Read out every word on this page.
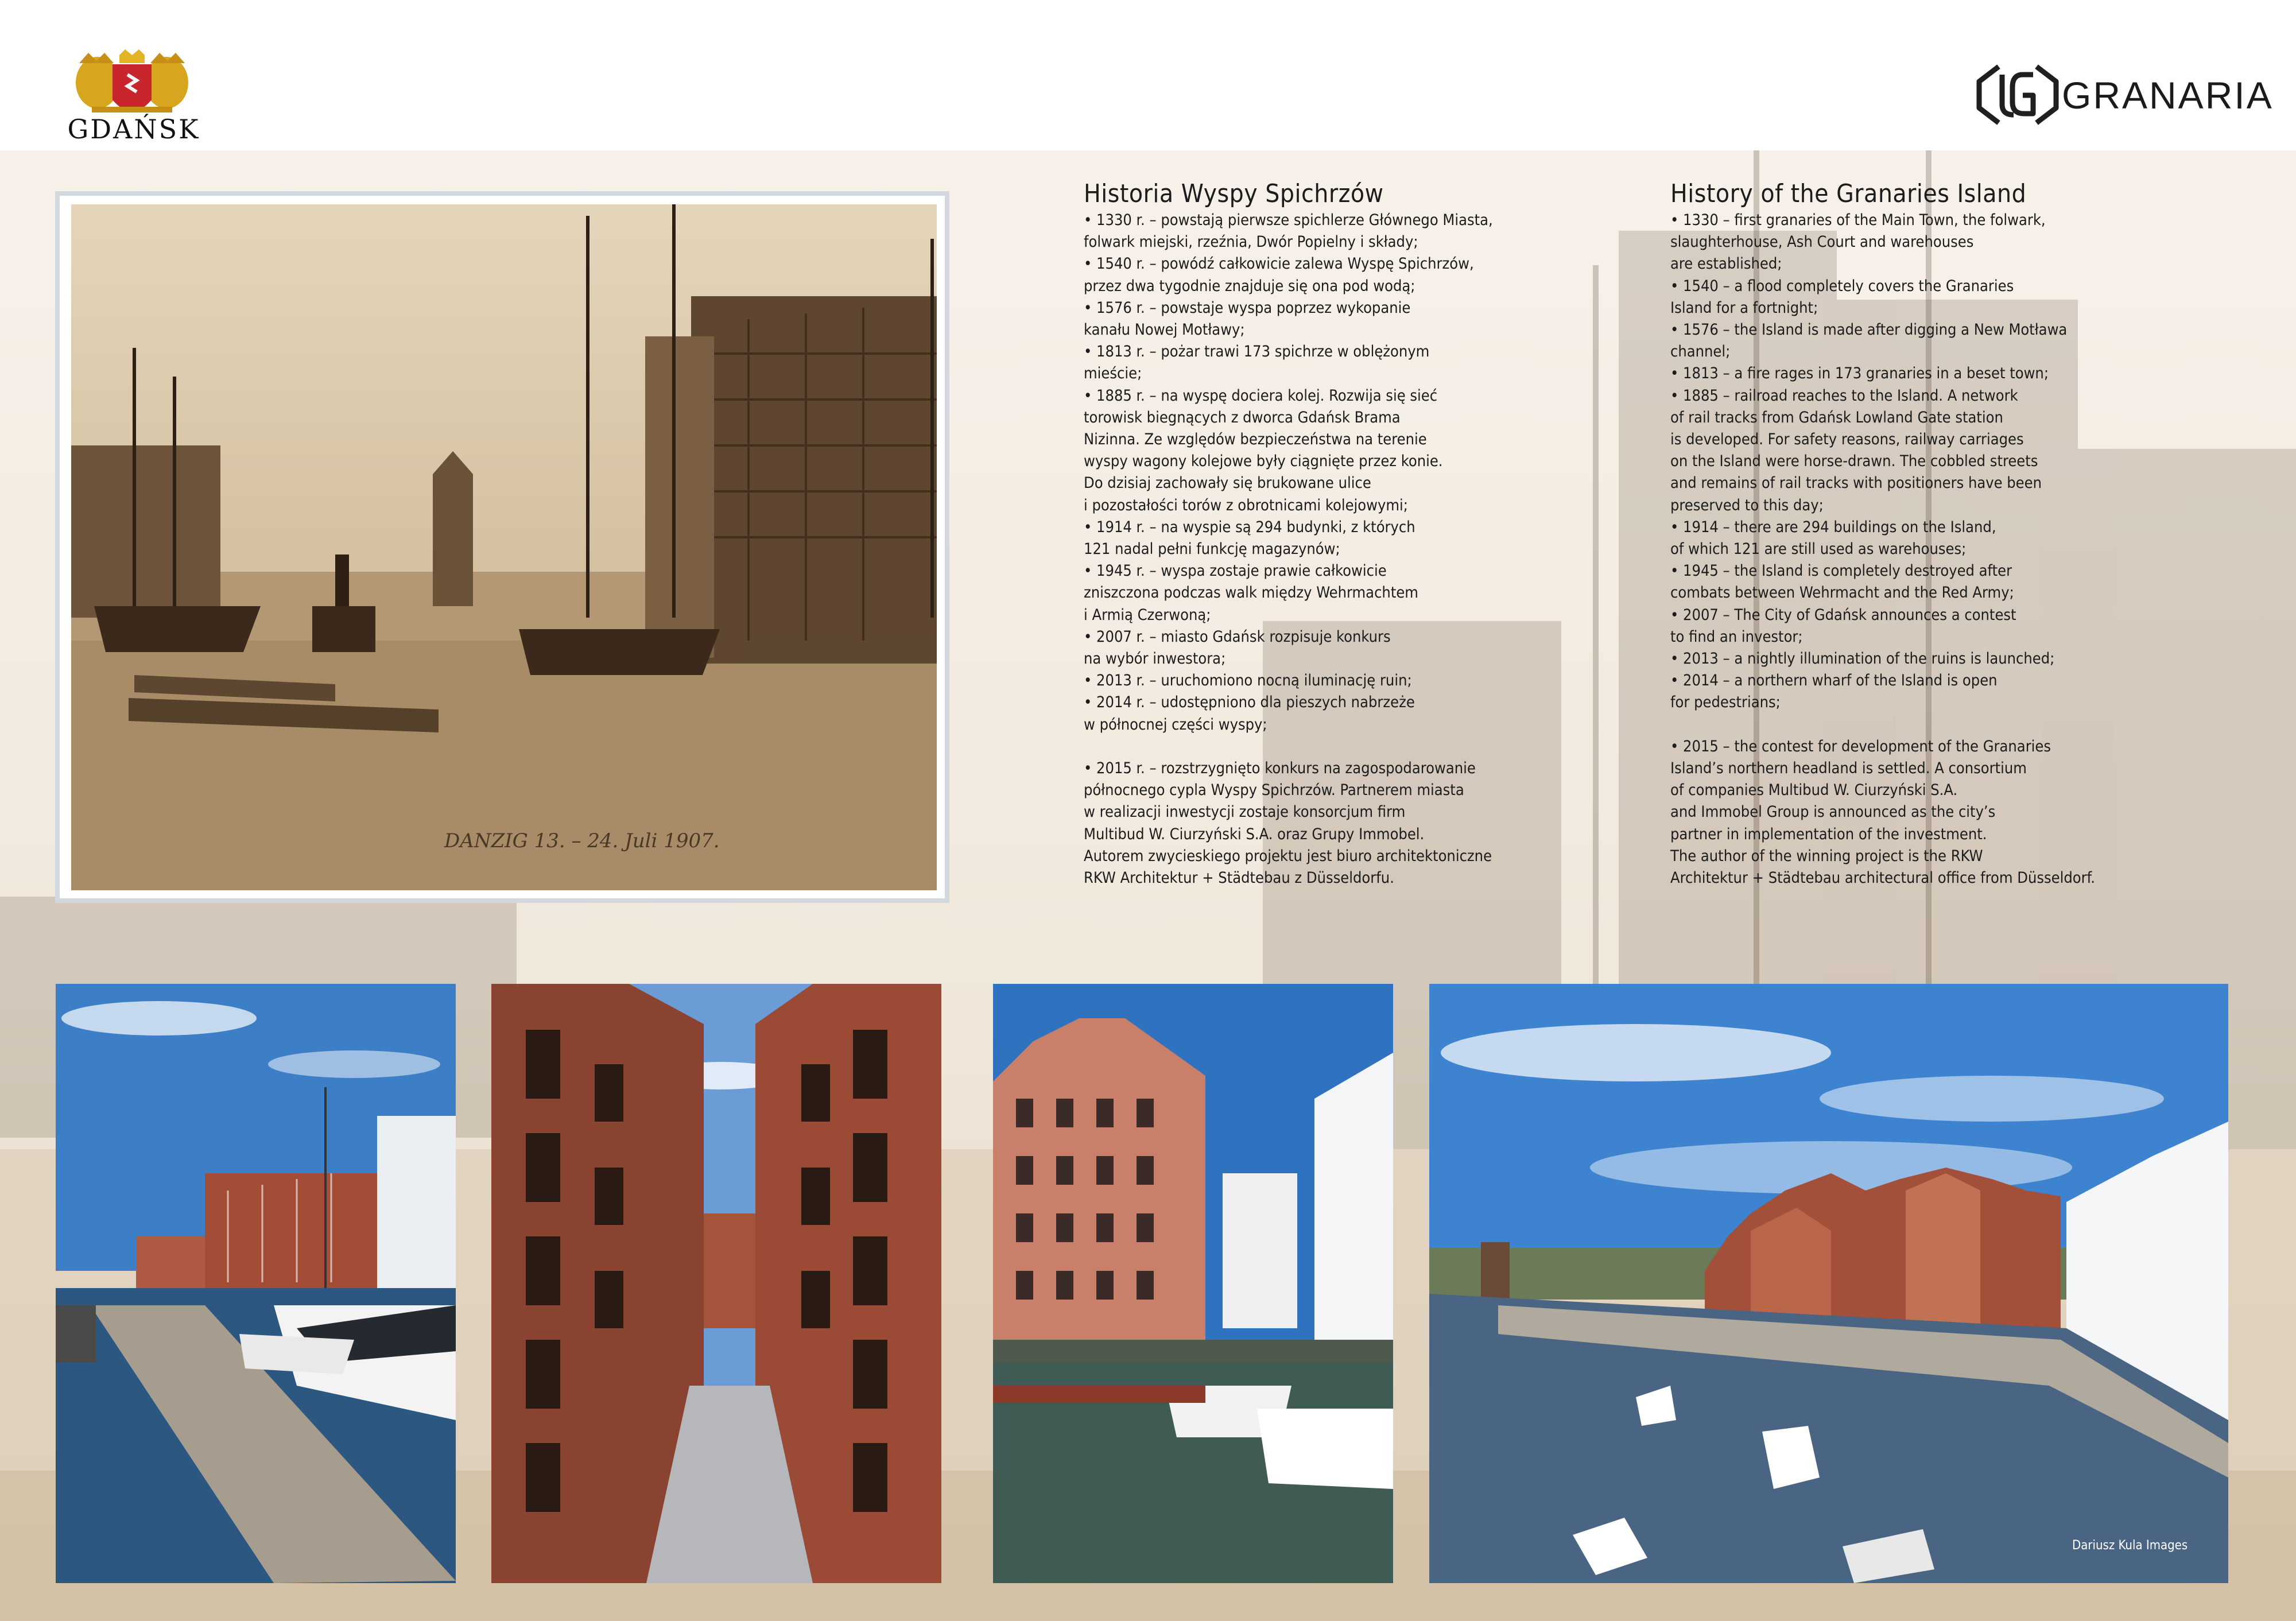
GDAŃSK
GRANARIA
DANZIG 13. – 24. Juli 1907.
Historia Wyspy Spichrzów
• 1330 r. – powstają pierwsze spichlerze Głównego Miasta,
folwark miejski, rzeźnia, Dwór Popielny i składy;
• 1540 r. – powódź całkowicie zalewa Wyspę Spichrzów,
przez dwa tygodnie znajduje się ona pod wodą;
• 1576 r. – powstaje wyspa poprzez wykopanie
kanału Nowej Motławy;
• 1813 r. – pożar trawi 173 spichrze w oblężonym
mieście;
• 1885 r. – na wyspę dociera kolej. Rozwija się sieć
torowisk biegnących z dworca Gdańsk Brama
Nizinna. Ze względów bezpieczeństwa na terenie
wyspy wagony kolejowe były ciągnięte przez konie.
Do dzisiaj zachowały się brukowane ulice
i pozostałości torów z obrotnicami kolejowymi;
• 1914 r. – na wyspie są 294 budynki, z których
121 nadal pełni funkcję magazynów;
• 1945 r. – wyspa zostaje prawie całkowicie
zniszczona podczas walk między Wehrmachtem
i Armią Czerwoną;
• 2007 r. – miasto Gdańsk rozpisuje konkurs
na wybór inwestora;
• 2013 r. – uruchomiono nocną iluminację ruin;
• 2014 r. – udostępniono dla pieszych nabrzeże
w północnej części wyspy;

• 2015 r. – rozstrzygnięto konkurs na zagospodarowanie
północnego cypla Wyspy Spichrzów. Partnerem miasta
w realizacji inwestycji zostaje konsorcjum firm
Multibud W. Ciurzyński S.A. oraz Grupy Immobel.
Autorem zwycieskiego projektu jest biuro architektoniczne
RKW Architektur + Städtebau z Düsseldorfu.
History of the Granaries Island
• 1330 – first granaries of the Main Town, the folwark,
slaughterhouse, Ash Court and warehouses
are established;
• 1540 – a flood completely covers the Granaries
Island for a fortnight;
• 1576 – the Island is made after digging a New Motława
channel;
• 1813 – a fire rages in 173 granaries in a beset town;
• 1885 – railroad reaches to the Island. A network
of rail tracks from Gdańsk Lowland Gate station
is developed. For safety reasons, railway carriages
on the Island were horse-drawn. The cobbled streets
and remains of rail tracks with positioners have been
preserved to this day;
• 1914 – there are 294 buildings on the Island,
of which 121 are still used as warehouses;
• 1945 – the Island is completely destroyed after
combats between Wehrmacht and the Red Army;
• 2007 – The City of Gdańsk announces a contest
to find an investor;
• 2013 – a nightly illumination of the ruins is launched;
• 2014 – a northern wharf of the Island is open
for pedestrians;

• 2015 – the contest for development of the Granaries
Island’s northern headland is settled. A consortium
of companies Multibud W. Ciurzyński S.A.
and Immobel Group is announced as the city’s
partner in implementation of the investment.
The author of the winning project is the RKW
Architektur + Städtebau architectural office from Düsseldorf.
Dariusz Kula Images
